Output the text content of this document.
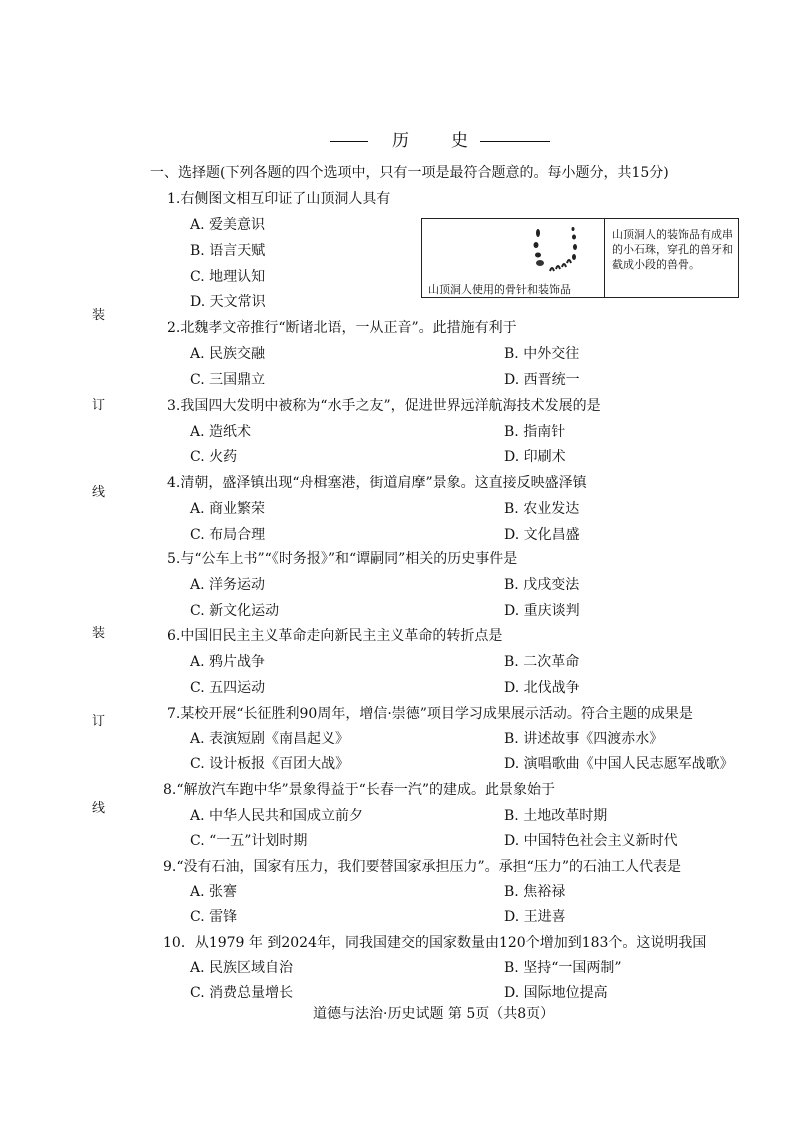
历史
一、选择题(下列各题的四个选项中，只有一项是最符合题意的。每小题分，共15分)
装
订
线
装
订
线
山顶洞人使用的骨针和装饰品
山顶洞人的装饰品有成串的小石珠，穿孔的兽牙和截成小段的兽骨。
1.右侧图文相互印证了山顶洞人具有
A. 爱美意识
B. 语言天赋
C. 地理认知
D. 天文常识
2.北魏孝文帝推行“断诸北语，一从正音”。此措施有利于
A. 民族交融	B. 中外交往
C. 三国鼎立	D. 西晋统一
3.我国四大发明中被称为“水手之友”，促进世界远洋航海技术发展的是
A. 造纸术	B. 指南针
C. 火药	D. 印刷术
4.清朝，盛泽镇出现“舟楫塞港，街道肩摩”景象。这直接反映盛泽镇
A. 商业繁荣	B. 农业发达
C. 布局合理	D. 文化昌盛
5.与“公车上书”“《时务报》”和“谭嗣同”相关的历史事件是
A. 洋务运动	B. 戊戌变法
C. 新文化运动	D. 重庆谈判
6.中国旧民主主义革命走向新民主主义革命的转折点是
A. 鸦片战争	B. 二次革命
C. 五四运动	D. 北伐战争
7.某校开展“长征胜利90周年，增信·崇德”项目学习成果展示活动。符合主题的成果是
A. 表演短剧《南昌起义》	B. 讲述故事《四渡赤水》
C. 设计板报《百团大战》	D. 演唱歌曲《中国人民志愿军战歌》
8.“解放汽车跑中华”景象得益于“长春一汽”的建成。此景象始于
A. 中华人民共和国成立前夕	B. 土地改革时期
C. “一五”计划时期	D. 中国特色社会主义新时代
9.“没有石油，国家有压力，我们要替国家承担压力”。承担“压力”的石油工人代表是
A. 张謇	B. 焦裕禄
C. 雷锋	D. 王进喜
10．从1979 年 到2024年，同我国建交的国家数量由120个增加到183个。这说明我国
A. 民族区域自治	B. 坚持“一国两制”
C. 消费总量增长	D. 国际地位提高
道德与法治·历史试题 第 5页（共8页）
